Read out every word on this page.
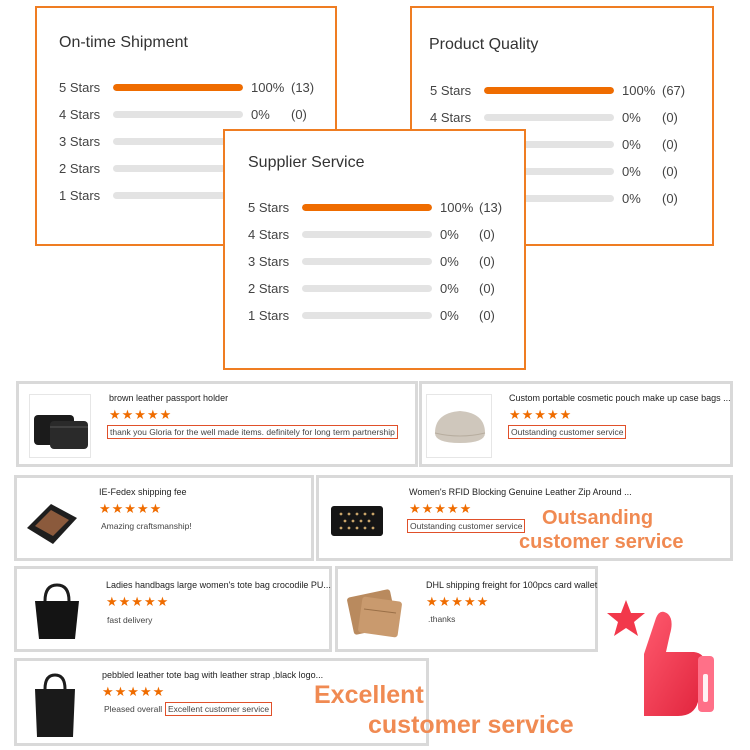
On-time Shipment
5 Stars	100% (13)
4 Stars	0% (0)
3 Stars
2 Stars
1 Stars
Product Quality
5 Stars	100% (67)
4 Stars	0% (0)
0% (0)
0% (0)
0% (0)
Supplier Service
5 Stars	100% (13)
4 Stars	0% (0)
3 Stars	0% (0)
2 Stars	0% (0)
1 Stars	0% (0)
brown leather passport holder
★★★★★
thank you Gloria for the well made items. definitely for long term partnership
Custom portable cosmetic pouch make up case bags ...
★★★★★
Outstanding customer service
IE-Fedex shipping fee
★★★★★
Amazing craftsmanship!
Women's RFID Blocking Genuine Leather Zip Around ...
★★★★★
Outstanding customer service
Ladies handbags large women's tote bag crocodile PU...
★★★★★
fast delivery
DHL shipping freight for 100pcs card wallet
★★★★★
.thanks
pebbled leather tote bag with leather strap ,black logo...
★★★★★
Pleased overall Excellent customer service
Outsanding
customer service
Excellent
customer service
